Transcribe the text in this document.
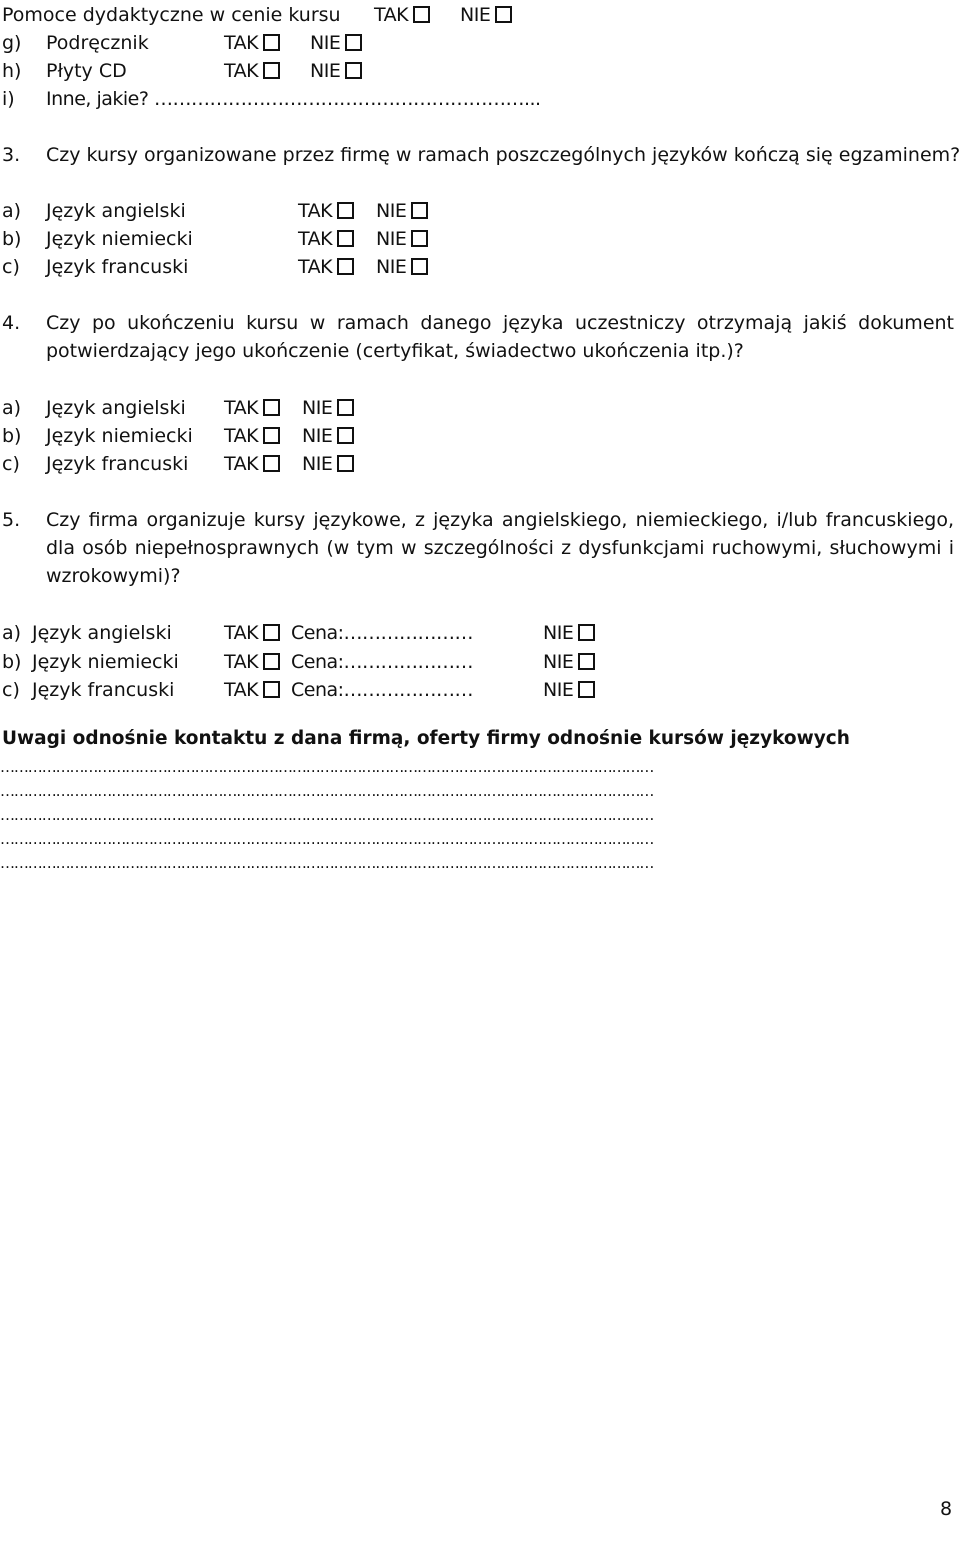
Pomoce dydaktyczne w cenie kursu TAK	NIE
g) Podręcznik	TAK	NIE
h) Płyty CD	TAK	NIE
i) Inne, jakie? ……………………………………………………...
3. Czy kursy organizowane przez firmę w ramach poszczególnych języków kończą się egzaminem?
a) Język angielski	TAK	NIE
b) Język niemiecki	TAK	NIE
c) Język francuski	TAK	NIE
4. Czy po ukończeniu kursu w ramach danego języka uczestniczy otrzymają jakiś dokument potwierdzający jego ukończenie (certyfikat, świadectwo ukończenia itp.)?
a) Język angielski TAK	NIE
b) Język niemiecki TAK	NIE
c) Język francuski TAK	NIE
5. Czy firma organizuje kursy językowe, z języka angielskiego, niemieckiego, i/lub francuskiego, dla osób niepełnosprawnych (w tym w szczególności z dysfunkcjami ruchowymi, słuchowymi i wzrokowymi)?
a) Język angielski	TAK	Cena:…………………	NIE
b) Język niemiecki TAK	Cena:…………………	NIE
c) Język francuski	TAK	Cena:…………………	NIE
Uwagi odnośnie kontaktu z dana firmą, oferty firmy odnośnie kursów językowych
……………………………………………………………………………………………………………………………
……………………………………………………………………………………………………………………………
……………………………………………………………………………………………………………………………
……………………………………………………………………………………………………………………………
……………………………………………………………………………………………………………………………
8
